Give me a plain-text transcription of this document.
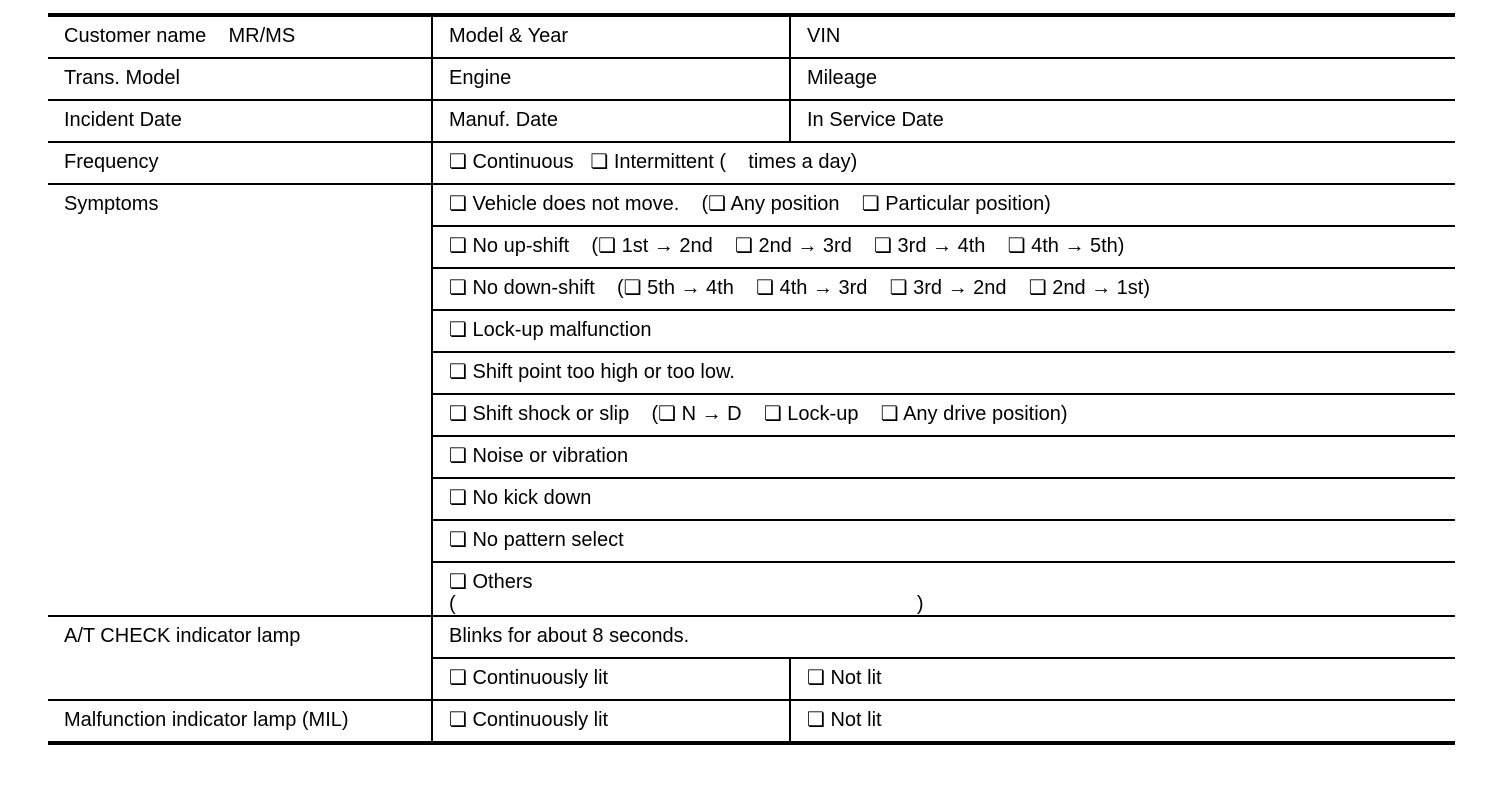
Customer name    MR/MS	Model & Year	VIN
Trans. Model	Engine	Mileage
Incident Date	Manuf. Date	In Service Date
Frequency	❏ Continuous   ❏ Intermittent (    times a day)	
Symptoms	❏ Vehicle does not move.    (❏ Any position    ❏ Particular position)	
	❏ No up-shift    (❏ 1st → 2nd    ❏ 2nd → 3rd    ❏ 3rd → 4th    ❏ 4th → 5th)	
	❏ No down-shift    (❏ 5th → 4th    ❏ 4th → 3rd    ❏ 3rd → 2nd    ❏ 2nd → 1st)	
	❏ Lock-up malfunction	
	❏ Shift point too high or too low.	
	❏ Shift shock or slip    (❏ N → D    ❏ Lock-up    ❏ Any drive position)	
	❏ Noise or vibration	
	❏ No kick down	
	❏ No pattern select	
	❏ Others
(                                                                                   )	
A/T CHECK indicator lamp	Blinks for about 8 seconds.	
	❏ Continuously lit	❏ Not lit
Malfunction indicator lamp (MIL)	❏ Continuously lit	❏ Not lit
